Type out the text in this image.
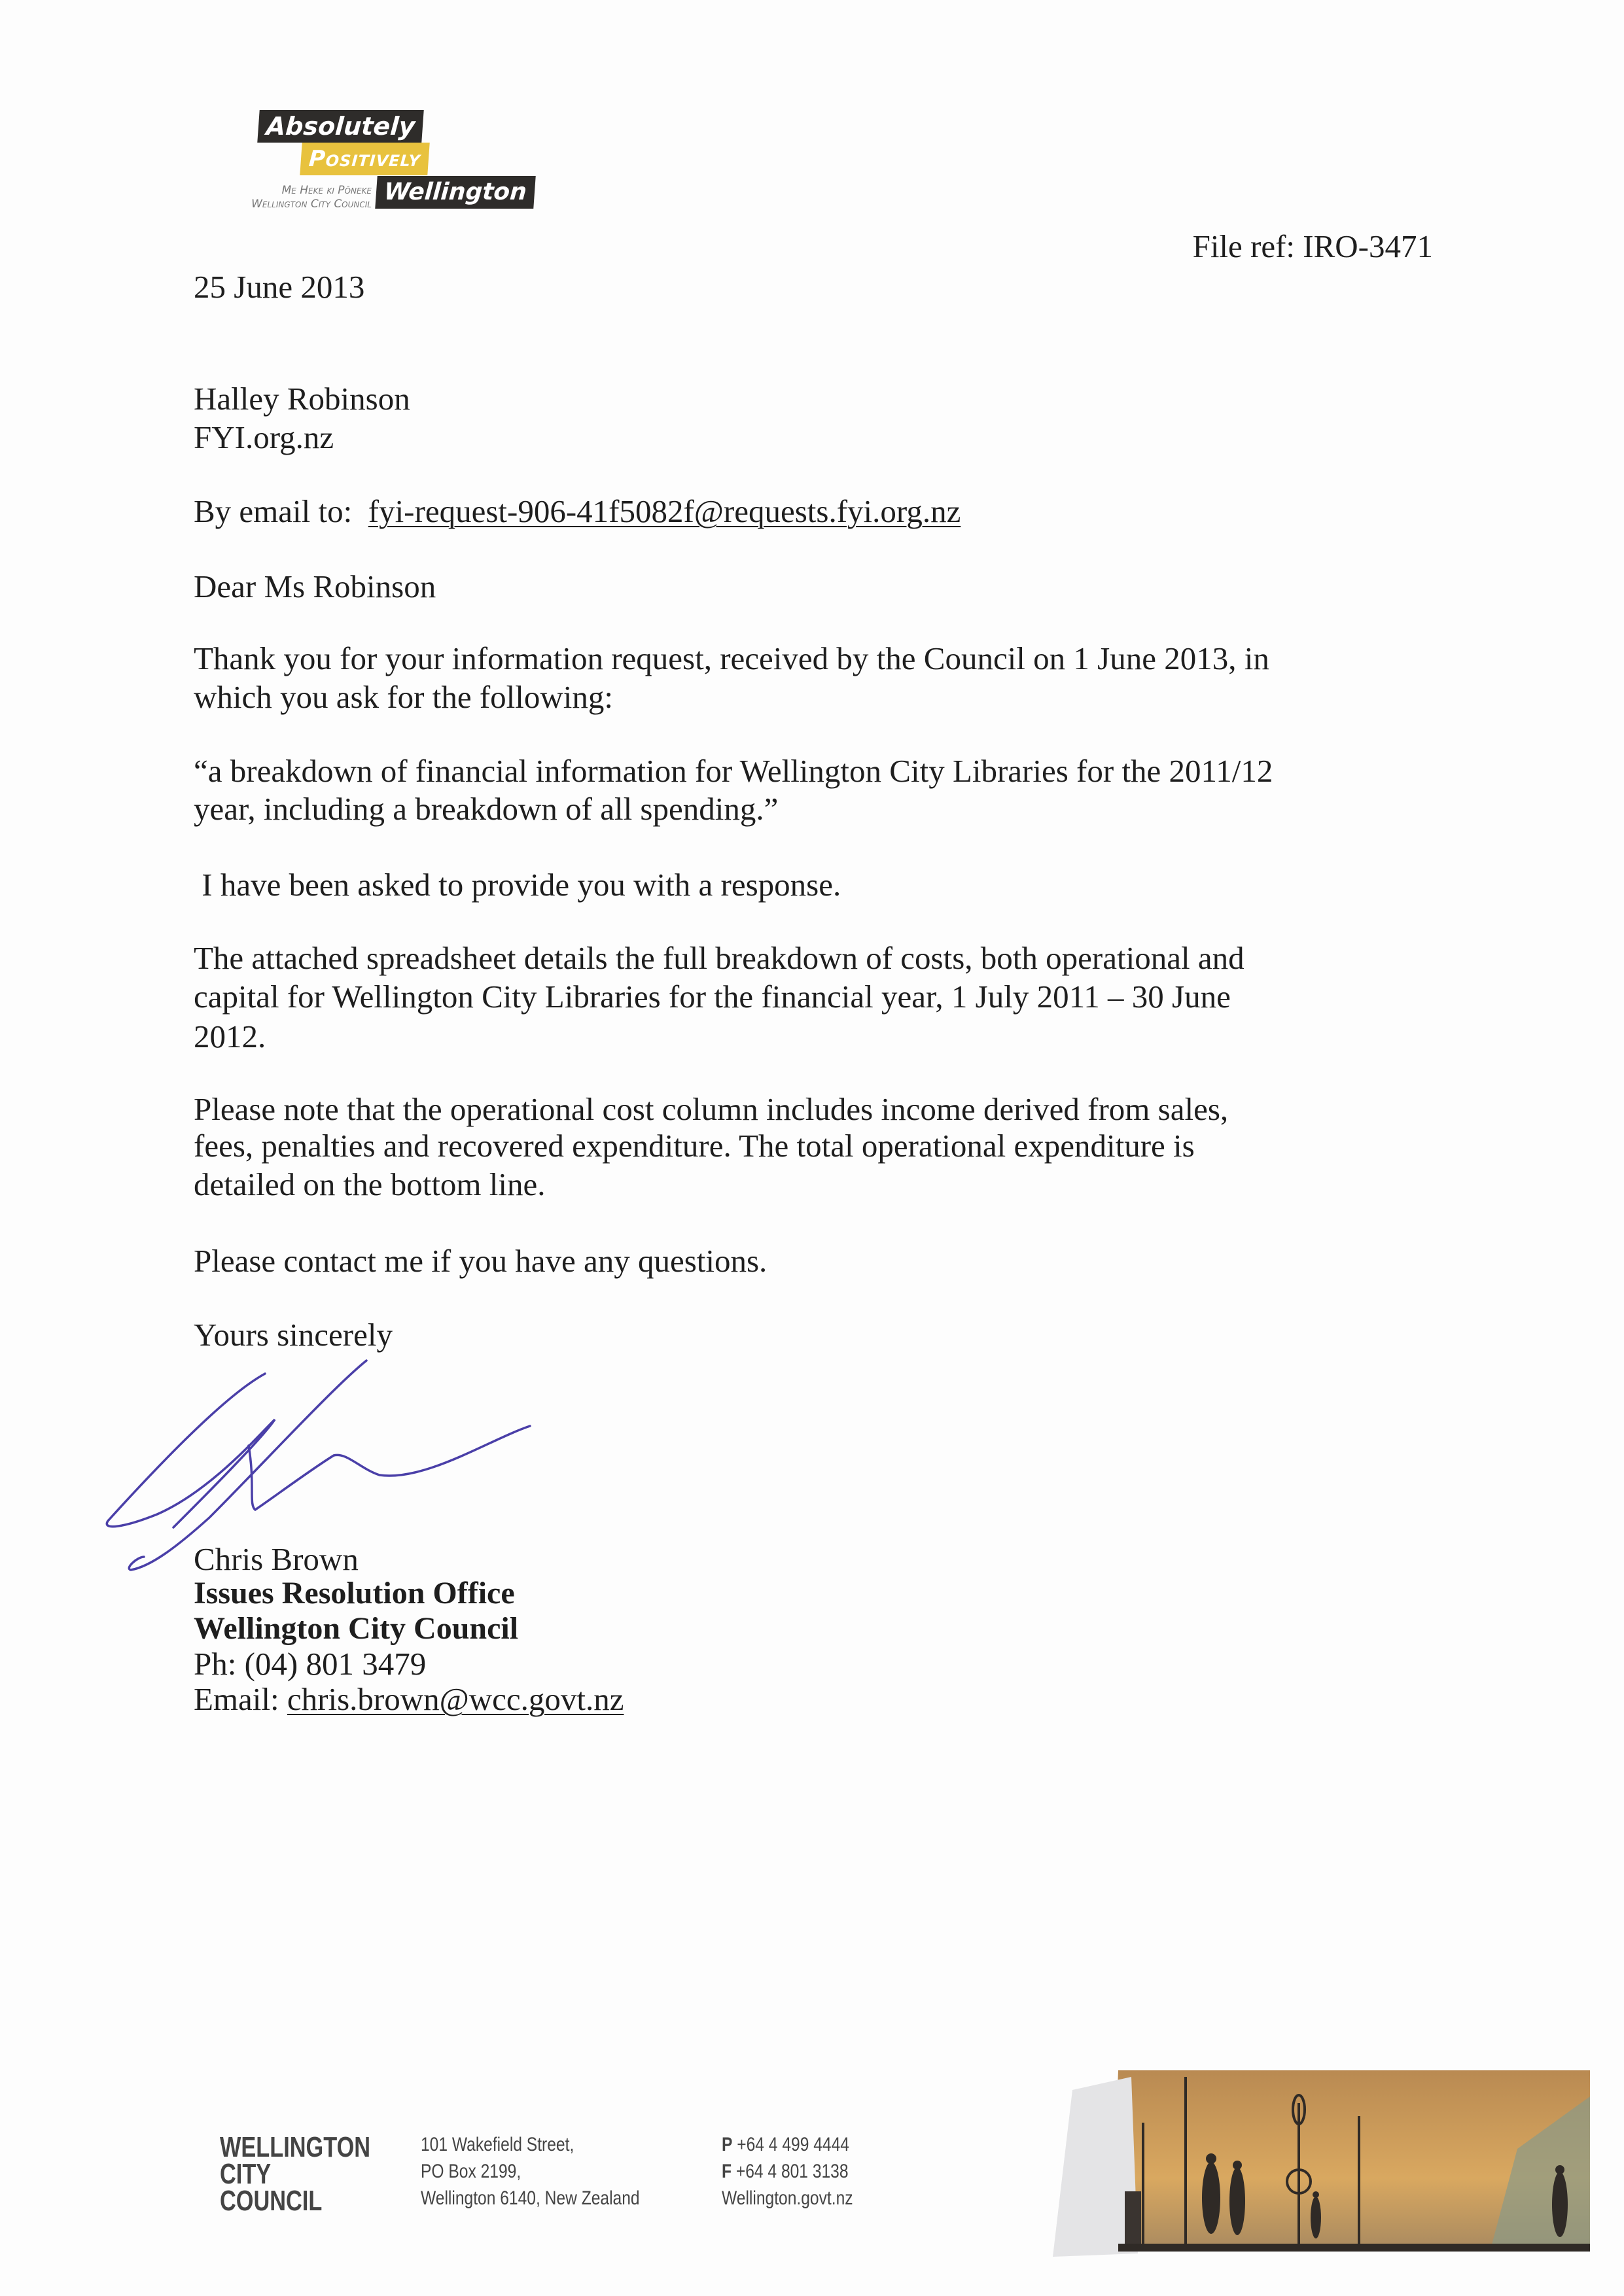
Absolutely
Positively
Wellington
Me Heke ki Pōneke
Wellington City Council
File ref: IRO-3471
25 June 2013
Halley Robinson
FYI.org.nz
By email to: fyi-request-906-41f5082f@requests.fyi.org.nz
Dear Ms Robinson
Thank you for your information request, received by the Council on 1 June 2013, in
which you ask for the following:
“a breakdown of financial information for Wellington City Libraries for the 2011/12
year, including a breakdown of all spending.”
I have been asked to provide you with a response.
The attached spreadsheet details the full breakdown of costs, both operational and
capital for Wellington City Libraries for the financial year, 1 July 2011 – 30 June
2012.
Please note that the operational cost column includes income derived from sales,
fees, penalties and recovered expenditure. The total operational expenditure is
detailed on the bottom line.
Please contact me if you have any questions.
Yours sincerely
Chris Brown
Issues Resolution Office
Wellington City Council
Ph: (04) 801 3479
Email: chris.brown@wcc.govt.nz
WELLINGTON
CITY
COUNCIL
101 Wakefield Street,
PO Box 2199,
Wellington 6140, New Zealand
P +64 4 499 4444
F +64 4 801 3138
Wellington.govt.nz
